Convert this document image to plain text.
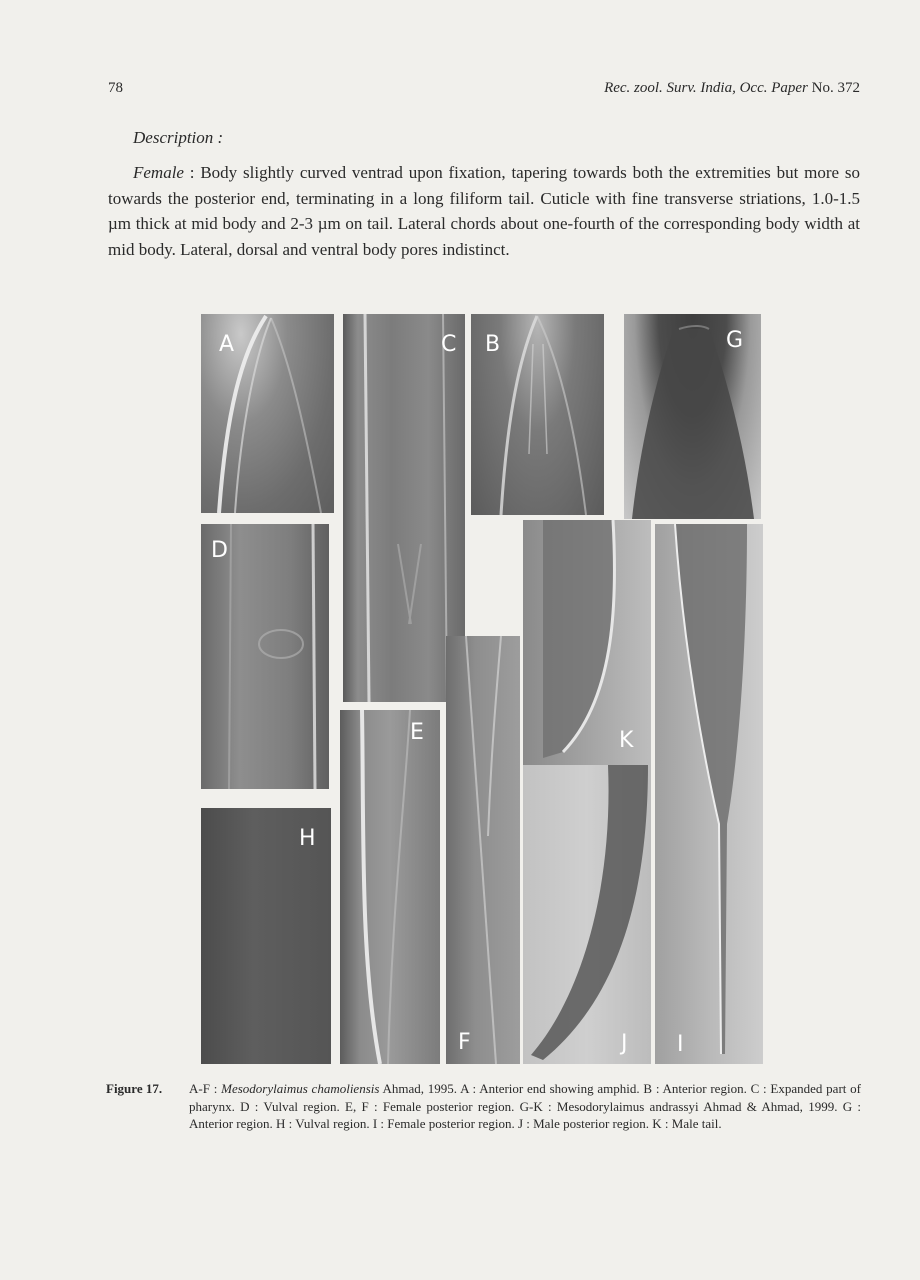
78	Rec. zool. Surv. India, Occ. Paper No. 372
Description :

Female : Body slightly curved ventrad upon fixation, tapering towards both the extremities but more so towards the posterior end, terminating in a long filiform tail. Cuticle with fine transverse striations, 1.0-1.5 µm thick at mid body and 2-3 µm on tail. Lateral chords about one-fourth of the corresponding body width at mid body. Lateral, dorsal and ventral body pores indistinct.

A	C B	G
D
K
I
E
F	J
H
Figure 17. A-F : Mesodorylaimus chamoliensis Ahmad, 1995. A : Anterior end showing amphid. B : Anterior region. C : Expanded part of pharynx. D : Vulval region. E, F : Female posterior region. G-K : Mesodorylaimus andrassyi Ahmad & Ahmad, 1999. G : Anterior region. H : Vulval region. I : Female posterior region. J : Male posterior region. K : Male tail.
